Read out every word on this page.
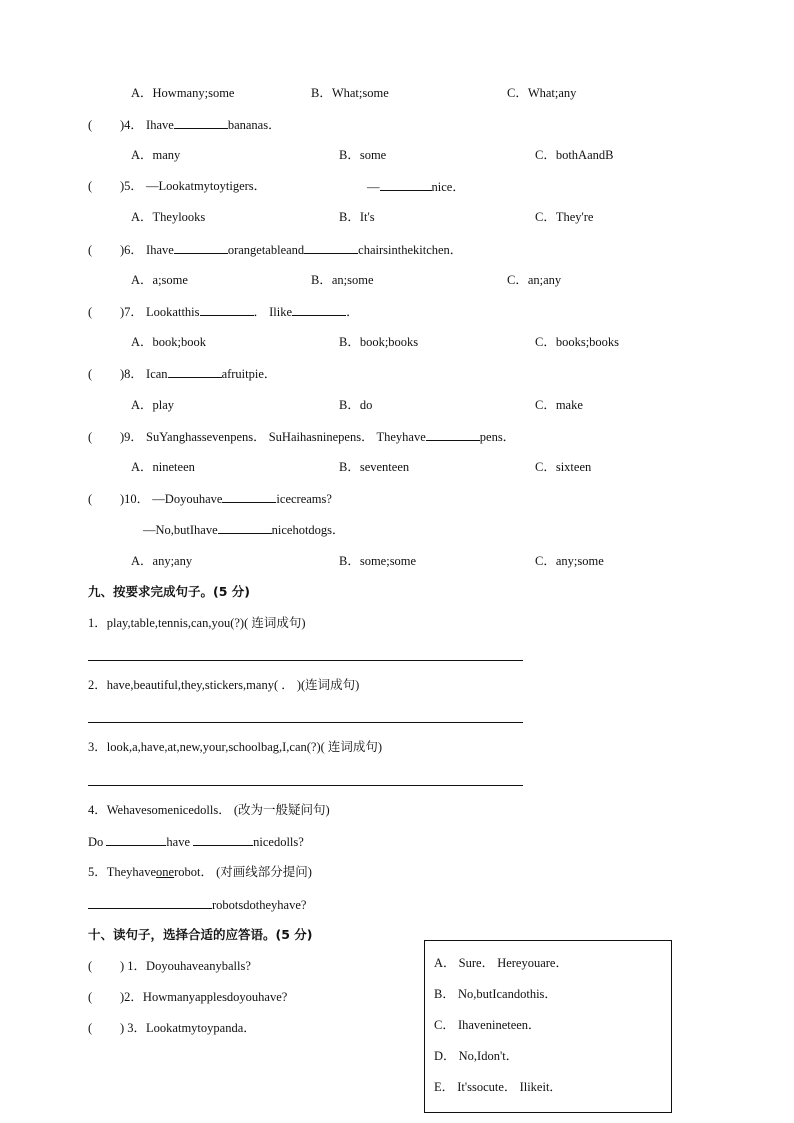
A．Howmany;some	B．What;some	C．What;any
( )4． Ihave	bananas．
A．many	B．some	C．bothAandB
( )5． —Lookatmytoytigers．	—	nice．
A．Theylooks	B．It's	C．They're
( )6． Ihave	orangetableand	chairsinthekitchen．
A．a;some	B．an;some	C．an;any
( )7． Lookatthis	． Ilike	．
A．book;book	B．book;books	C．books;books
( )8． Ican	afruitpie．
A．play	B．do	C．make
( )9． SuYanghassevenpens． SuHaihasninepens． Theyhave	pens．
A．nineteen	B．seventeen	C．sixteen
( )10． —Doyouhave	icecreams?
—No,butIhave	nicehotdogs．
A．any;any	B．some;some	C．any;some
九、按要求完成句子。(5 分)
1．play,table,tennis,can,you(?)( 连词成句)
2．have,beautiful,they,stickers,many( ． )(连词成句)
3．look,a,have,at,new,your,schoolbag,I,can(?)( 连词成句)
4．Wehavesomenicedolls． (改为一般疑问句)
Do	have	nicedolls?
5．Theyhaveonerobot． (对画线部分提问)
robotsdotheyhave?
十、读句子，选择合适的应答语。(5 分)
( ) 1．Doyouhaveanyballs?
( )2．Howmanyapplesdoyouhave?
( ) 3．Lookatmytoypanda．
A． Sure． Hereyouare．
B． No,butIcandothis．
C． Ihavenineteen．
D． No,Idon't．
E． It'ssocute． Ilikeit．
